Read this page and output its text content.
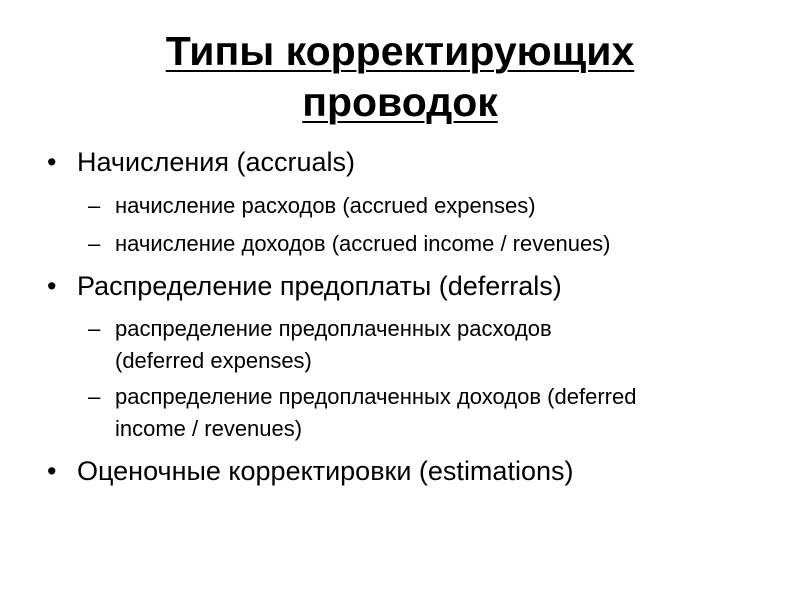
Типы корректирующих
проводок
• Начисления (accruals)
– начисление расходов (accrued expenses)
– начисление доходов (accrued income / revenues)
• Распределение предоплаты (deferrals)
– распределение предоплаченных расходов
(deferred expenses)
– распределение предоплаченных доходов (deferred
income / revenues)
• Оценочные корректировки (estimations)
